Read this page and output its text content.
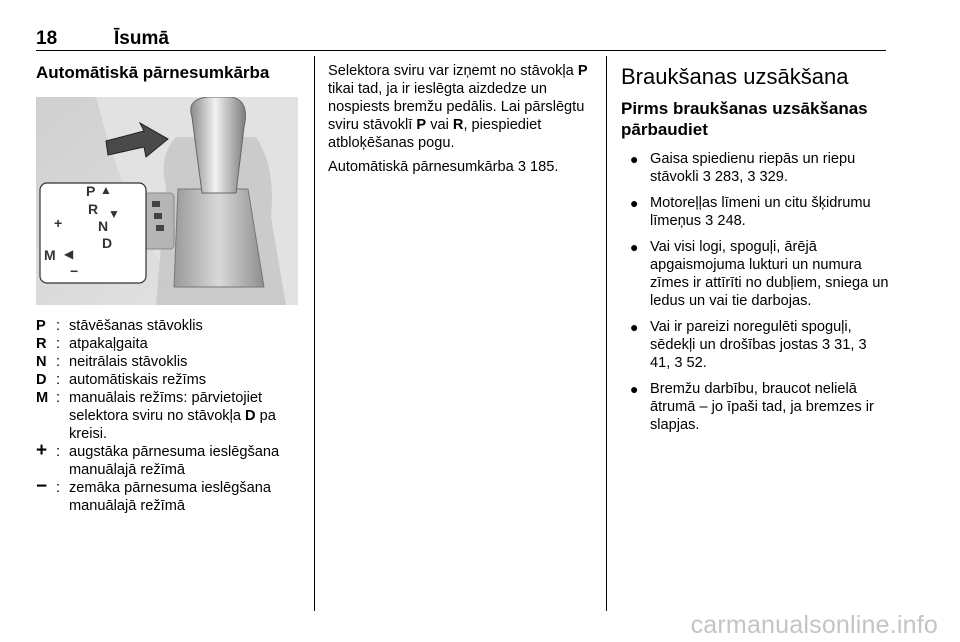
18	Īsumā
Automātiskā pārnesumkārba
P
R
N
D
M
+
−
▲
▼
◀
P : stāvēšanas stāvoklis
R : atpakaļgaita
N : neitrālais stāvoklis
D : automātiskais režīms
M : manuālais režīms: pārvietojiet selektora sviru no stāvokļa D pa kreisi.
+ : augstāka pārnesuma ieslēgšana manuālajā režīmā
− : zemāka pārnesuma ieslēgšana manuālajā režīmā

Selektora sviru var izņemt no stāvokļa P tikai tad, ja ir ieslēgta aizdedze un nospiests bremžu pedālis. Lai pārslēgtu sviru stāvoklī P vai R, piespiediet atbloķēšanas pogu.

Automātiskā pārnesumkārba 3 185.

Braukšanas uzsākšana
Pirms braukšanas uzsākšanas pārbaudiet
● Gaisa spiedienu riepās un riepu stāvokli 3 283, 3 329.
● Motoreļļas līmeni un citu šķidrumu līmeņus 3 248.
● Vai visi logi, spoguļi, ārējā apgaismojuma lukturi un numura zīmes ir attīrīti no dubļiem, sniega un ledus un vai tie darbojas.
● Vai ir pareizi noregulēti spoguļi, sēdekļi un drošības jostas 3 31, 3 41, 3 52.
● Bremžu darbību, braucot nelielā ātrumā – jo īpaši tad, ja bremzes ir slapjas.
carmanualsonline.info
